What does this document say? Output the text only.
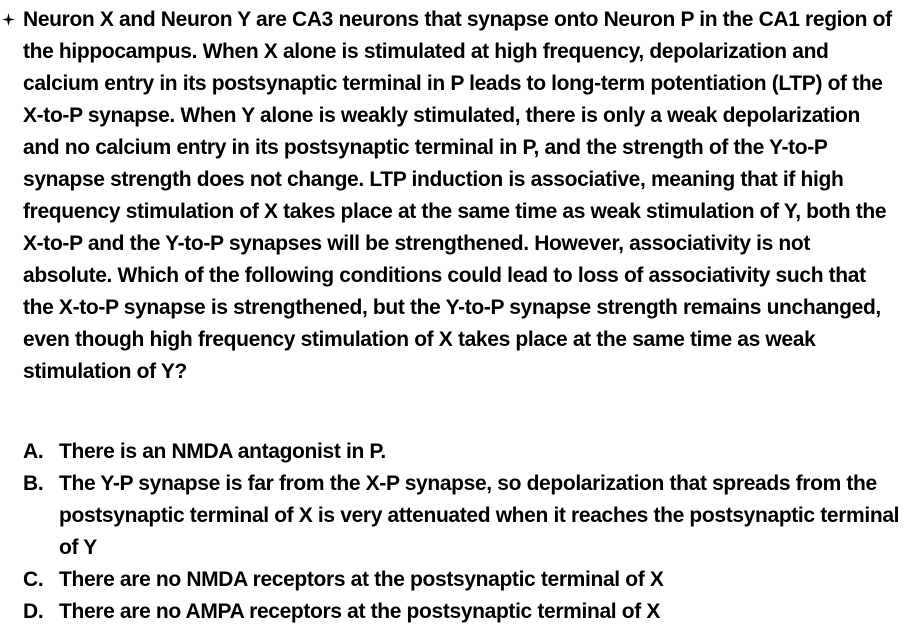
Neuron X and Neuron Y are CA3 neurons that synapse onto Neuron P in the CA1 region of the hippocampus. When X alone is stimulated at high frequency, depolarization and calcium entry in its postsynaptic terminal in P leads to long-term potentiation (LTP) of the X-to-P synapse. When Y alone is weakly stimulated, there is only a weak depolarization and no calcium entry in its postsynaptic terminal in P, and the strength of the Y-to-P synapse strength does not change. LTP induction is associative, meaning that if high frequency stimulation of X takes place at the same time as weak stimulation of Y, both the X-to-P and the Y-to-P synapses will be strengthened. However, associativity is not absolute. Which of the following conditions could lead to loss of associativity such that the X-to-P synapse is strengthened, but the Y-to-P synapse strength remains unchanged, even though high frequency stimulation of X takes place at the same time as weak stimulation of Y?

A. There is an NMDA antagonist in P.
B. The Y-P synapse is far from the X-P synapse, so depolarization that spreads from the postsynaptic terminal of X is very attenuated when it reaches the postsynaptic terminal of Y
C. There are no NMDA receptors at the postsynaptic terminal of X
D. There are no AMPA receptors at the postsynaptic terminal of X
